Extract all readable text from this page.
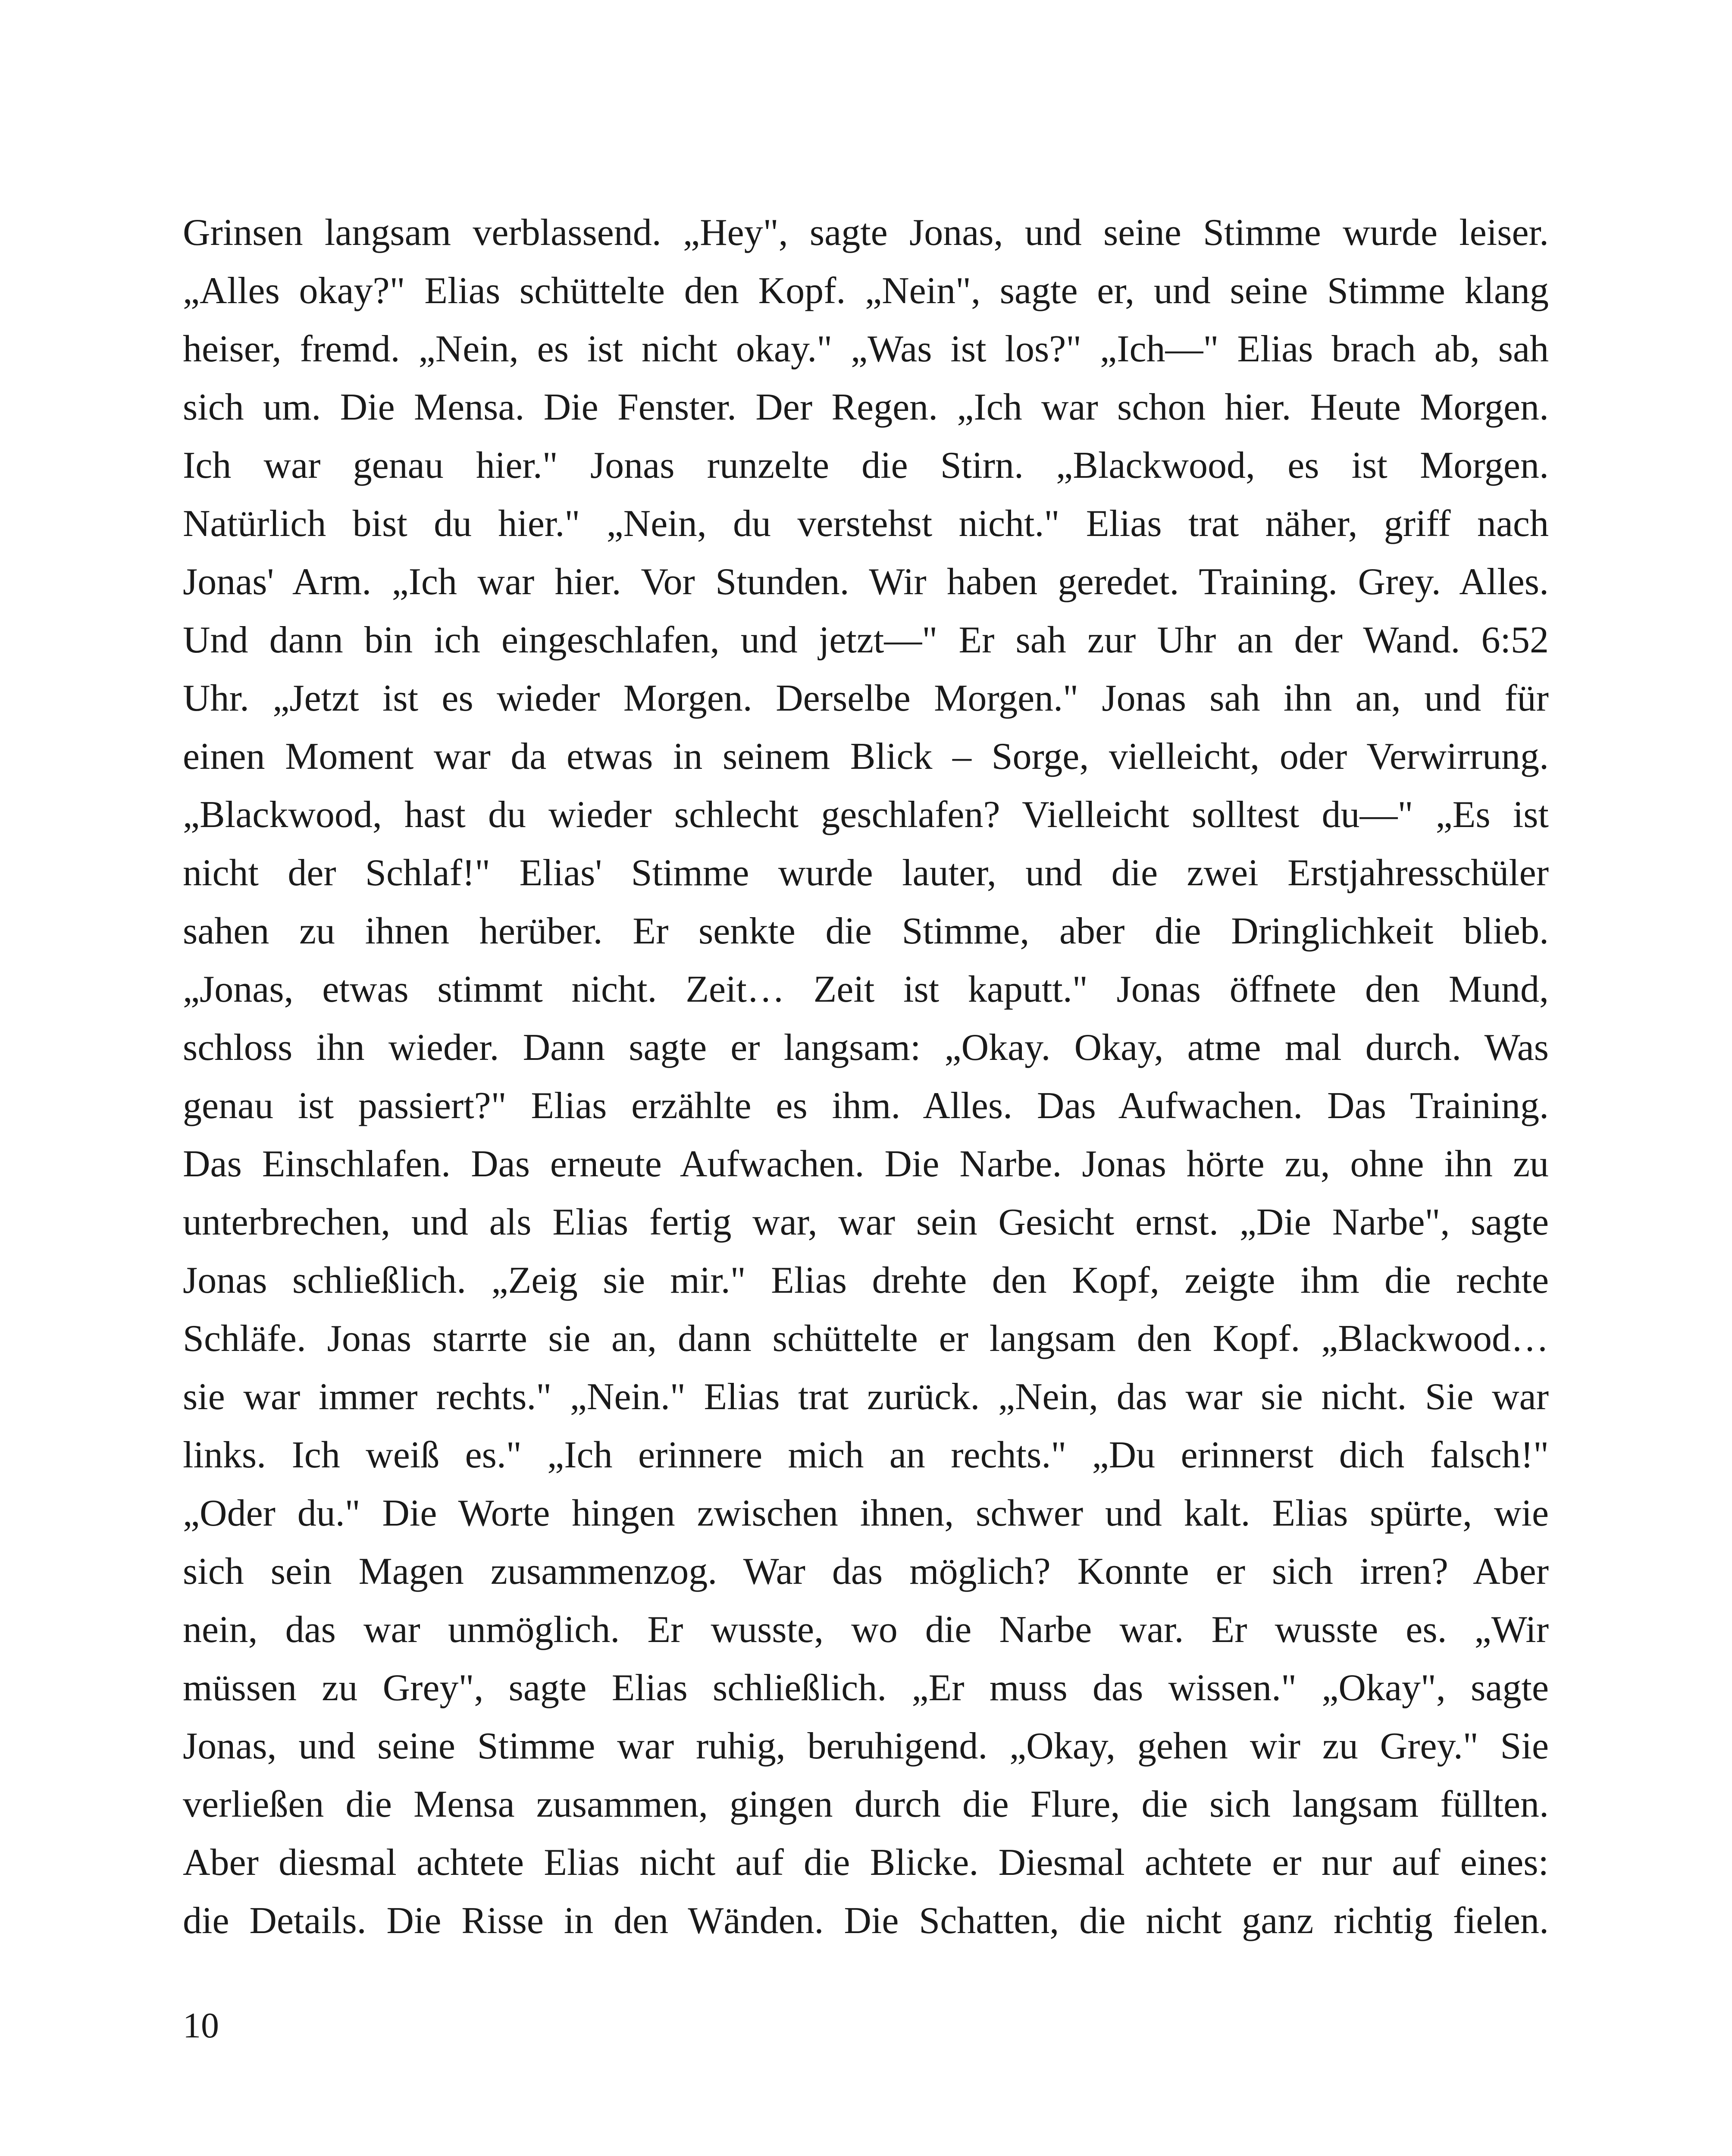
Grinsen langsam verblassend. „Hey", sagte Jonas, und seine Stimme wurde leiser.
„Alles okay?" Elias schüttelte den Kopf. „Nein", sagte er, und seine Stimme klang
heiser, fremd. „Nein, es ist nicht okay." „Was ist los?" „Ich—" Elias brach ab, sah
sich um. Die Mensa. Die Fenster. Der Regen. „Ich war schon hier. Heute Morgen.
Ich war genau hier." Jonas runzelte die Stirn. „Blackwood, es ist Morgen.
Natürlich bist du hier." „Nein, du verstehst nicht." Elias trat näher, griff nach
Jonas' Arm. „Ich war hier. Vor Stunden. Wir haben geredet. Training. Grey. Alles.
Und dann bin ich eingeschlafen, und jetzt—" Er sah zur Uhr an der Wand. 6:52
Uhr. „Jetzt ist es wieder Morgen. Derselbe Morgen." Jonas sah ihn an, und für
einen Moment war da etwas in seinem Blick – Sorge, vielleicht, oder Verwirrung.
„Blackwood, hast du wieder schlecht geschlafen? Vielleicht solltest du—" „Es ist
nicht der Schlaf!" Elias' Stimme wurde lauter, und die zwei Erstjahresschüler
sahen zu ihnen herüber. Er senkte die Stimme, aber die Dringlichkeit blieb.
„Jonas, etwas stimmt nicht. Zeit… Zeit ist kaputt." Jonas öffnete den Mund,
schloss ihn wieder. Dann sagte er langsam: „Okay. Okay, atme mal durch. Was
genau ist passiert?" Elias erzählte es ihm. Alles. Das Aufwachen. Das Training.
Das Einschlafen. Das erneute Aufwachen. Die Narbe. Jonas hörte zu, ohne ihn zu
unterbrechen, und als Elias fertig war, war sein Gesicht ernst. „Die Narbe", sagte
Jonas schließlich. „Zeig sie mir." Elias drehte den Kopf, zeigte ihm die rechte
Schläfe. Jonas starrte sie an, dann schüttelte er langsam den Kopf. „Blackwood…
sie war immer rechts." „Nein." Elias trat zurück. „Nein, das war sie nicht. Sie war
links. Ich weiß es." „Ich erinnere mich an rechts." „Du erinnerst dich falsch!"
„Oder du." Die Worte hingen zwischen ihnen, schwer und kalt. Elias spürte, wie
sich sein Magen zusammenzog. War das möglich? Konnte er sich irren? Aber
nein, das war unmöglich. Er wusste, wo die Narbe war. Er wusste es. „Wir
müssen zu Grey", sagte Elias schließlich. „Er muss das wissen." „Okay", sagte
Jonas, und seine Stimme war ruhig, beruhigend. „Okay, gehen wir zu Grey." Sie
verließen die Mensa zusammen, gingen durch die Flure, die sich langsam füllten.
Aber diesmal achtete Elias nicht auf die Blicke. Diesmal achtete er nur auf eines:
die Details. Die Risse in den Wänden. Die Schatten, die nicht ganz richtig fielen.
10
